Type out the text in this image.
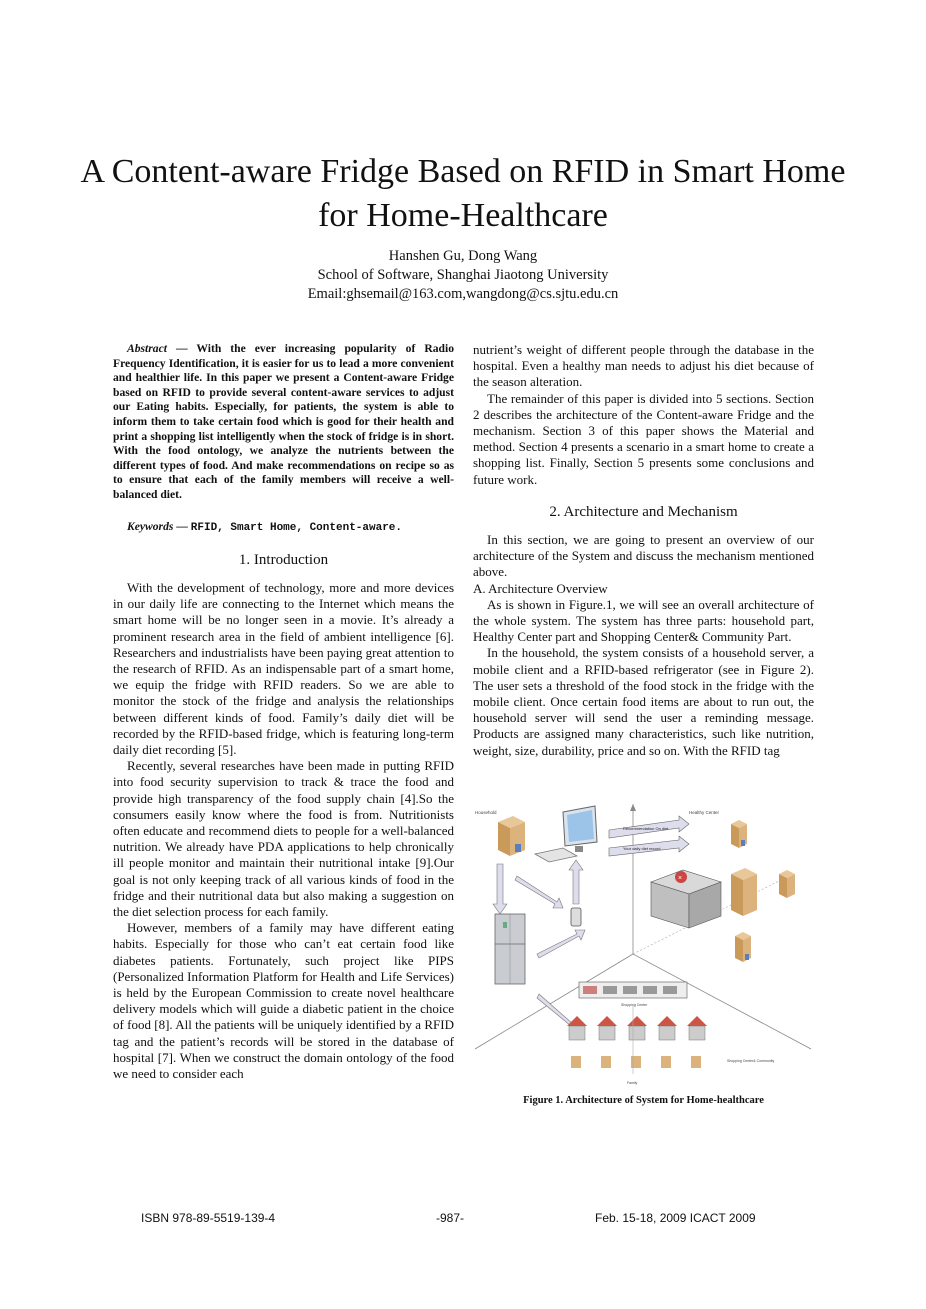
A Content-aware Fridge Based on RFID in Smart Home for Home-Healthcare
Hanshen Gu, Dong Wang
School of Software, Shanghai Jiaotong University
Email:ghsemail@163.com,wangdong@cs.sjtu.edu.cn

Abstract — With the ever increasing popularity of Radio Frequency Identification, it is easier for us to lead a more convenient and healthier life. In this paper we present a Content-aware Fridge based on RFID to provide several content-aware services to adjust our Eating habits. Especially, for patients, the system is able to inform them to take certain food which is good for their health and print a shopping list intelligently when the stock of fridge is in short. With the food ontology, we analyze the nutrients between the different types of food. And make recommendations on recipe so as to ensure that each of the family members will receive a well-balanced diet.

Keywords — RFID, Smart Home, Content-aware.

1. Introduction

With the development of technology, more and more devices in our daily life are connecting to the Internet which means the smart home will be no longer seen in a movie. It’s already a prominent research area in the field of ambient intelligence [6]. Researchers and industrialists have been paying great attention to the research of RFID. As an indispensable part of a smart home, we equip the fridge with RFID readers. So we are able to monitor the stock of the fridge and analysis the relationships between different kinds of food. Family’s daily diet will be recorded by the RFID-based fridge, which is featuring long-term daily diet recording [5].

Recently, several researches have been made in putting RFID into food security supervision to track & trace the food and provide high transparency of the food supply chain [4].So the consumers easily know where the food is from. Nutritionists often educate and recommend diets to people for a well-balanced nutrition. We already have PDA applications to help chronically ill people monitor and maintain their nutritional intake [9].Our goal is not only keeping track of all various kinds of food in the fridge and their nutritional data but also making a suggestion on the diet selection process for each family.

However, members of a family may have different eating habits. Especially for those who can’t eat certain food like diabetes patients. Fortunately, such project like PIPS (Personalized Information Platform for Health and Life Services) is held by the European Commission to create novel healthcare delivery models which will guide a diabetic patient in the choice of food [8]. All the patients will be uniquely identified by a RFID tag and the patient’s records will be stored in the database of hospital [7]. When we construct the domain ontology of the food we need to consider each

nutrient’s weight of different people through the database in the hospital. Even a healthy man needs to adjust his diet because of the season alteration.

The remainder of this paper is divided into 5 sections. Section 2 describes the architecture of the Content-aware Fridge and the mechanism. Section 3 of this paper shows the Material and method. Section 4 presents a scenario in a smart home to create a shopping list. Finally, Section 5 presents some conclusions and future work.

2. Architecture and Mechanism

In this section, we are going to present an overview of our architecture of the System and discuss the mechanism mentioned above.

A. Architecture Overview

As is shown in Figure.1, we will see an overall architecture of the whole system. The system has three parts: household part, Healthy Center part and Shopping Center& Community Part.

In the household, the system consists of a household server, a mobile client and a RFID-based refrigerator (see in Figure 2). The user sets a threshold of the food stock in the fridge with the mobile client. Once certain food items are about to run out, the household server will send the user a reminding message. Products are assigned many characteristics, such like nutrition, weight, size, durability, price and so on. With the RFID tag

Recommendation On diet
Your daily diet record
Household	Healthy Center
×
Shopping Center
Shopping Center& Community
Family
Figure 1. Architecture of System for Home-healthcare
ISBN 978-89-5519-139-4	-987-	Feb. 15-18, 2009 ICACT 2009
